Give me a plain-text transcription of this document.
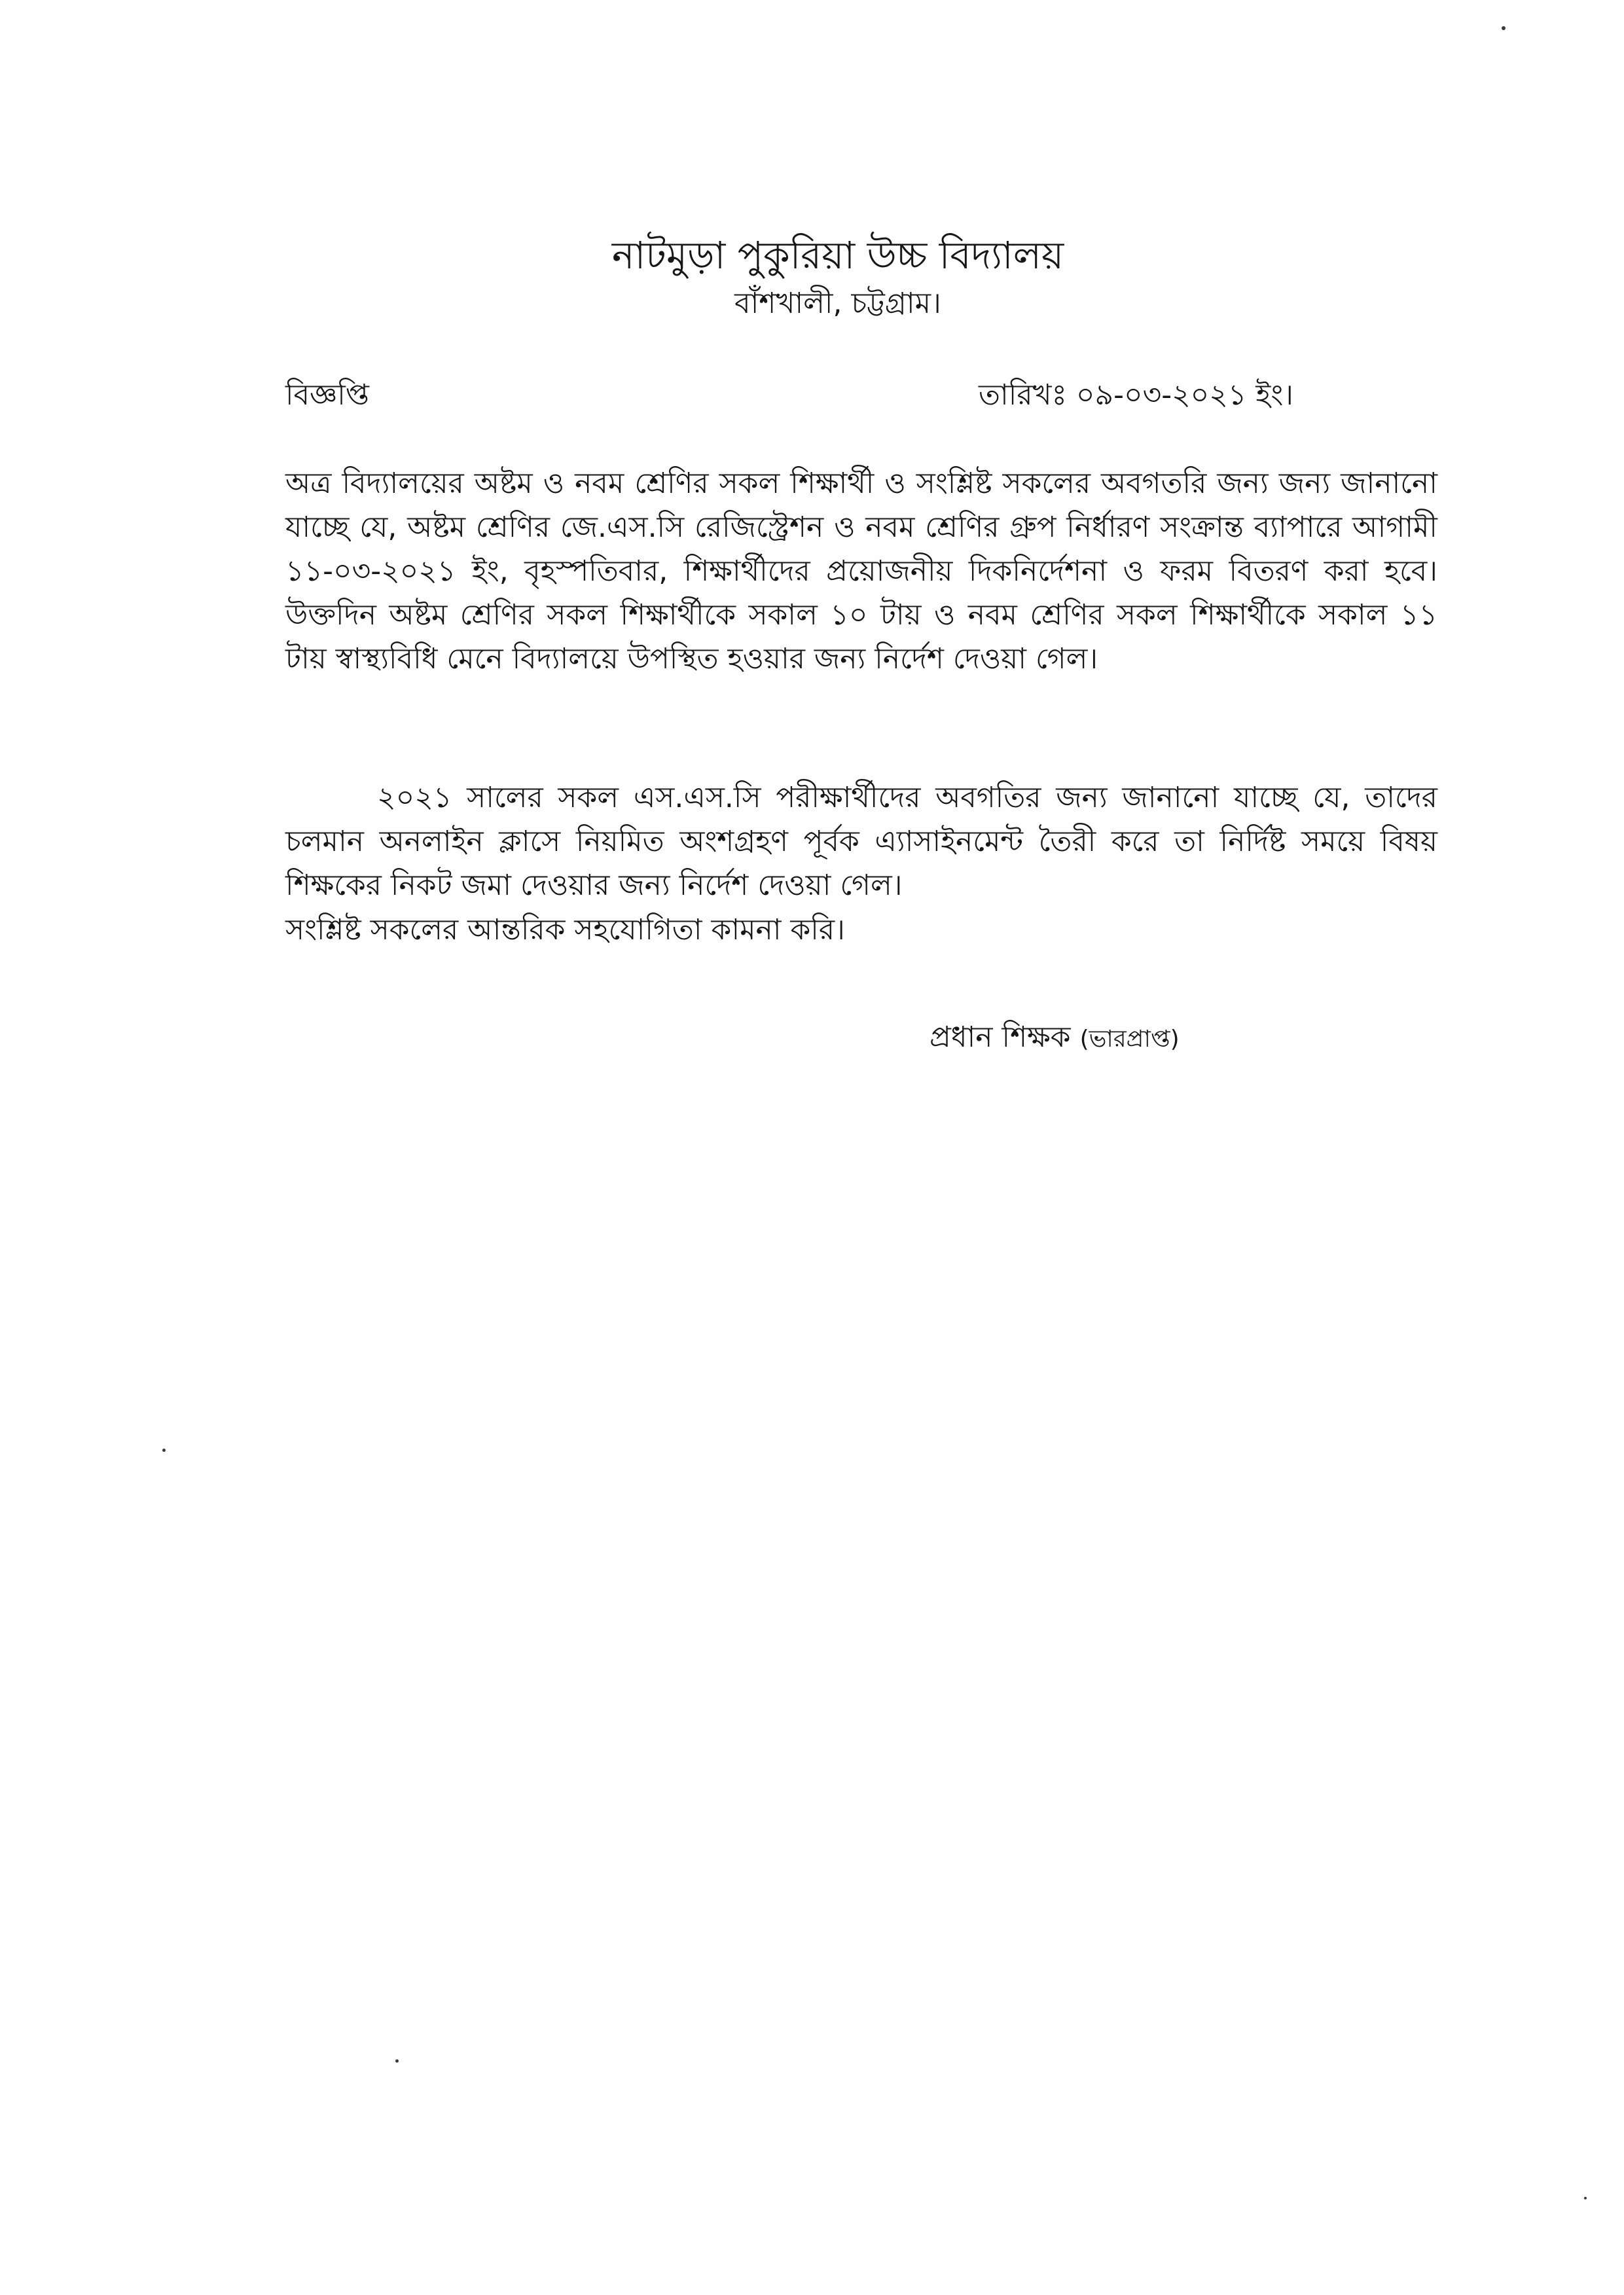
নাটমুড়া পুকুরিয়া উচ্চ বিদ্যালয়
বাঁশখালী, চট্টগ্রাম।
বিজ্ঞপ্তি	তারিখঃ ০৯-০৩-২০২১ ইং।
অত্র বিদ্যালয়ের অষ্টম ও নবম শ্রেণির সকল শিক্ষার্থী ও সংশ্লিষ্ট সকলের অবগতরি জন্য জন্য জানানো যাচ্ছে যে, অষ্টম শ্রেণির জে.এস.সি রেজিস্ট্রেশন ও নবম শ্রেণির গ্রুপ নির্ধারণ সংক্রান্ত ব্যাপারে আগামী ১১-০৩-২০২১ ইং, বৃহস্পতিবার, শিক্ষার্থীদের প্রয়োজনীয় দিকনির্দেশনা ও ফরম বিতরণ করা হবে। উক্তদিন অষ্টম শ্রেণির সকল শিক্ষার্থীকে সকাল ১০ টায় ও নবম শ্রেণির সকল শিক্ষার্থীকে সকাল ১১ টায় স্বাস্থ্যবিধি মেনে বিদ্যালয়ে উপস্থিত হওয়ার জন্য নির্দেশ দেওয়া গেল।
২০২১ সালের সকল এস.এস.সি পরীক্ষার্থীদের অবগতির জন্য জানানো যাচ্ছে যে, তাদের চলমান অনলাইন ক্লাসে নিয়মিত অংশগ্রহণ পূর্বক এ্যাসাইনমেন্ট তৈরী করে তা নির্দিষ্ট সময়ে বিষয় শিক্ষকের নিকট জমা দেওয়ার জন্য নির্দেশ দেওয়া গেল।
সংশ্লিষ্ট সকলের আন্তরিক সহযোগিতা কামনা করি।
প্রধান শিক্ষক (ভারপ্রাপ্ত)
